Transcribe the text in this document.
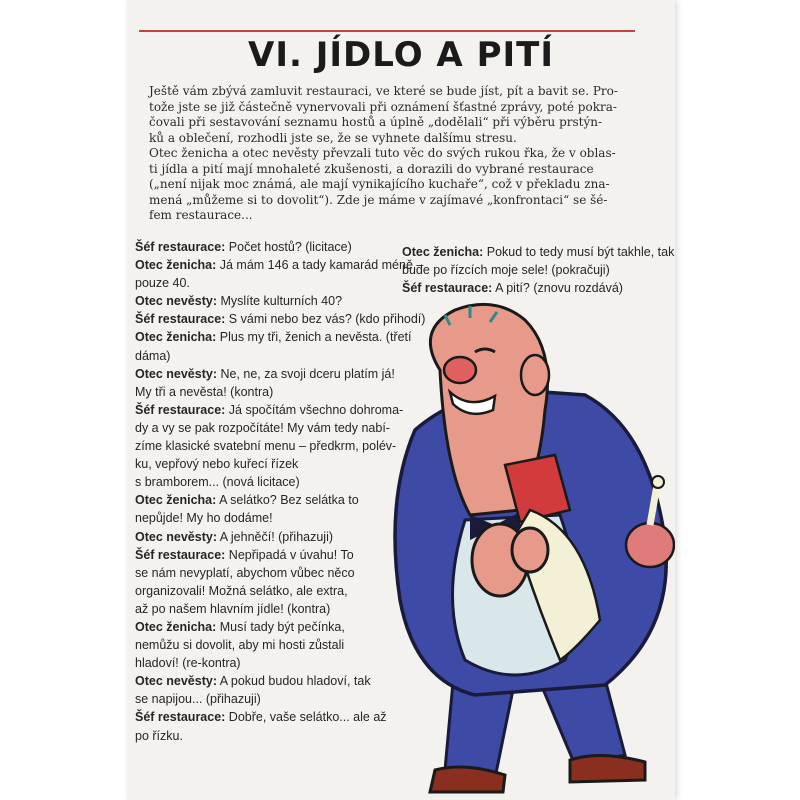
VI. JÍDLO A PITÍ

Ještě vám zbývá zamluvit restauraci, ve které se bude jíst, pít a bavit se. Pro-

tože jste se již částečně vynervovali při oznámení šťastné zprávy, poté pokra-

čovali při sestavování seznamu hostů a úplně „dodělali“ při výběru prstýn-

ků a oblečení, rozhodli jste se, že se vyhnete dalšímu stresu.

Otec ženicha a otec nevěsty převzali tuto věc do svých rukou řka, že v oblas-

ti jídla a pití mají mnohaleté zkušenosti, a dorazili do vybrané restaurace

(„není nijak moc známá, ale mají vynikajícího kuchaře“, což v překladu zna-

mená „můžeme si to dovolit“). Zde je máme v zajímavé „konfrontaci“ se šé-

fem restaurace...

Šéf restaurace: Počet hostů? (licitace)
Otec ženicha: Já mám 146 a tady kamarád méně –
pouze 40.
Otec nevěsty: Myslíte kulturních 40?
Šéf restaurace: S vámi nebo bez vás? (kdo přihodí)
Otec ženicha: Plus my tři, ženich a nevěsta. (třetí
dáma)
Otec nevěsty: Ne, ne, za svoji dceru platím já!
My tři a nevěsta! (kontra)
Šéf restaurace: Já spočítám všechno dohroma-
dy a vy se pak rozpočítáte! My vám tedy nabí-
zíme klasické svatební menu – předkrm, polév-
ku, vepřový nebo kuřecí řízek
s bramborem... (nová licitace)
Otec ženicha: A selátko? Bez selátka to
nepůjde! My ho dodáme!
Otec nevěsty: A jehněčí! (přihazuji)
Šéf restaurace: Nepřipadá v úvahu! To
se nám nevyplatí, abychom vůbec něco
organizovali! Možná selátko, ale extra,
až po našem hlavním jídle! (kontra)
Otec ženicha: Musí tady být pečínka,
nemůžu si dovolit, aby mi hosti zůstali
hladoví! (re-kontra)
Otec nevěsty: A pokud budou hladoví, tak
se napijou... (přihazuji)
Šéf restaurace: Dobře, vaše selátko... ale až
po řízku.
Otec ženicha: Pokud to tedy musí být takhle, tak
bude po řízcích moje sele! (pokračuji)
Šéf restaurace: A pití? (znovu rozdává)
